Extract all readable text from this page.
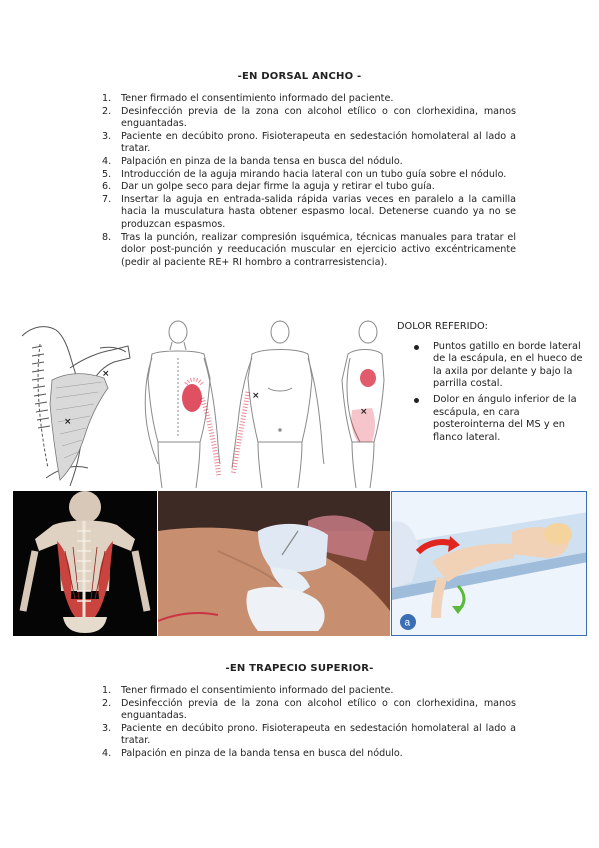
-EN DORSAL ANCHO -
1. Tener firmado el consentimiento informado del paciente.
2. Desinfección previa de la zona con alcohol etílico o con clorhexidina, manos enguantadas.
3. Paciente en decúbito prono. Fisioterapeuta en sedestación homolateral al lado a tratar.
4. Palpación en pinza de la banda tensa en busca del nódulo.
5. Introducción de la aguja mirando hacia lateral con un tubo guía sobre el nódulo.
6. Dar un golpe seco para dejar firme la aguja y retirar el tubo guía.
7. Insertar la aguja en entrada-salida rápida varias veces en paralelo a la camilla hacia la musculatura hasta obtener espasmo local. Detenerse cuando ya no se produzcan espasmos.
8. Tras la punción, realizar compresión isquémica, técnicas manuales para tratar el dolor post-punción y reeducación muscular en ejercicio activo excéntricamente (pedir al paciente RE+ RI hombro a contrarresistencia).
×
×
×
×
DOLOR REFERIDO:
Puntos gatillo en borde lateral de la escápula, en el hueco de la axila por delante y bajo la parrilla costal.
Dolor en ángulo inferior de la escápula, en cara posterointerna del MS y en flanco lateral.
a
-EN TRAPECIO SUPERIOR-
1. Tener firmado el consentimiento informado del paciente.
2. Desinfección previa de la zona con alcohol etílico o con clorhexidina, manos enguantadas.
3. Paciente en decúbito prono. Fisioterapeuta en sedestación homolateral al lado a tratar.
4. Palpación en pinza de la banda tensa en busca del nódulo.
